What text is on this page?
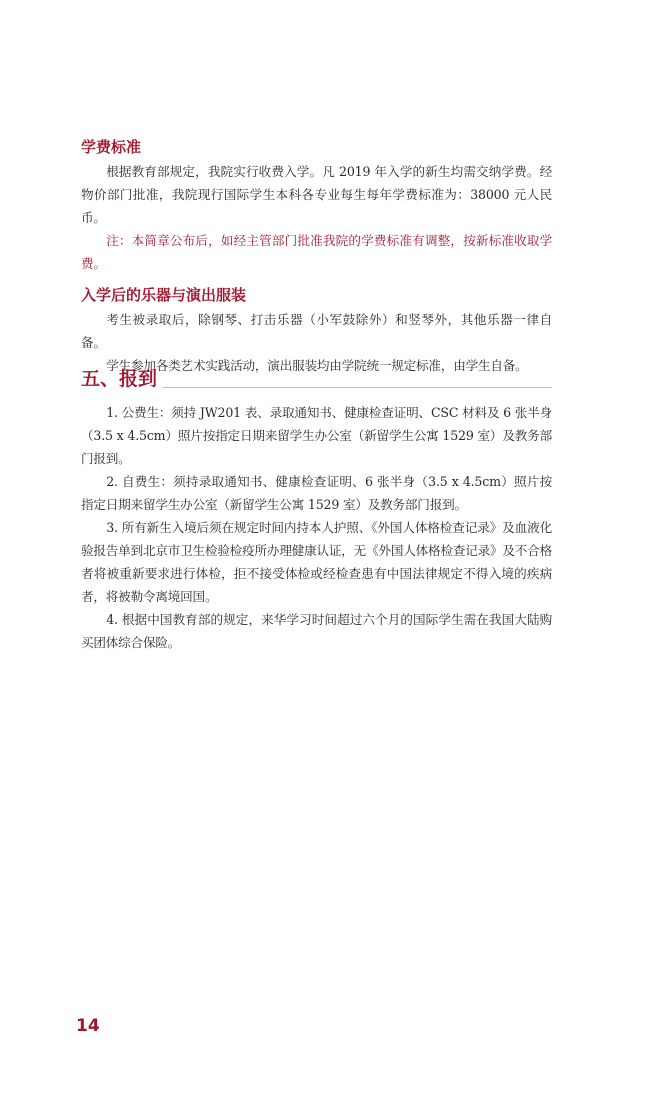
学费标准

根据教育部规定，我院实行收费入学。凡 2019 年入学的新生均需交纳学费。经物价部门批准，我院现行国际学生本科各专业每生每年学费标准为：38000 元人民币。

注：本简章公布后，如经主管部门批准我院的学费标准有调整，按新标准收取学费。

入学后的乐器与演出服装

考生被录取后，除钢琴、打击乐器（小军鼓除外）和竖琴外，其他乐器一律自备。

学生参加各类艺术实践活动，演出服装均由学院统一规定标准，由学生自备。

五、报到

1. 公费生：须持 JW201 表、录取通知书、健康检查证明、CSC 材料及 6 张半身（3.5 x 4.5cm）照片按指定日期来留学生办公室（新留学生公寓 1529 室）及教务部门报到。

2. 自费生：须持录取通知书、健康检查证明、6 张半身（3.5 x 4.5cm）照片按指定日期来留学生办公室（新留学生公寓 1529 室）及教务部门报到。

3. 所有新生入境后须在规定时间内持本人护照、《外国人体格检查记录》及血液化验报告单到北京市卫生检验检疫所办理健康认证，无《外国人体格检查记录》及不合格者将被重新要求进行体检，拒不接受体检或经检查患有中国法律规定不得入境的疾病者，将被勒令离境回国。

4. 根据中国教育部的规定，来华学习时间超过六个月的国际学生需在我国大陆购买团体综合保险。

14
